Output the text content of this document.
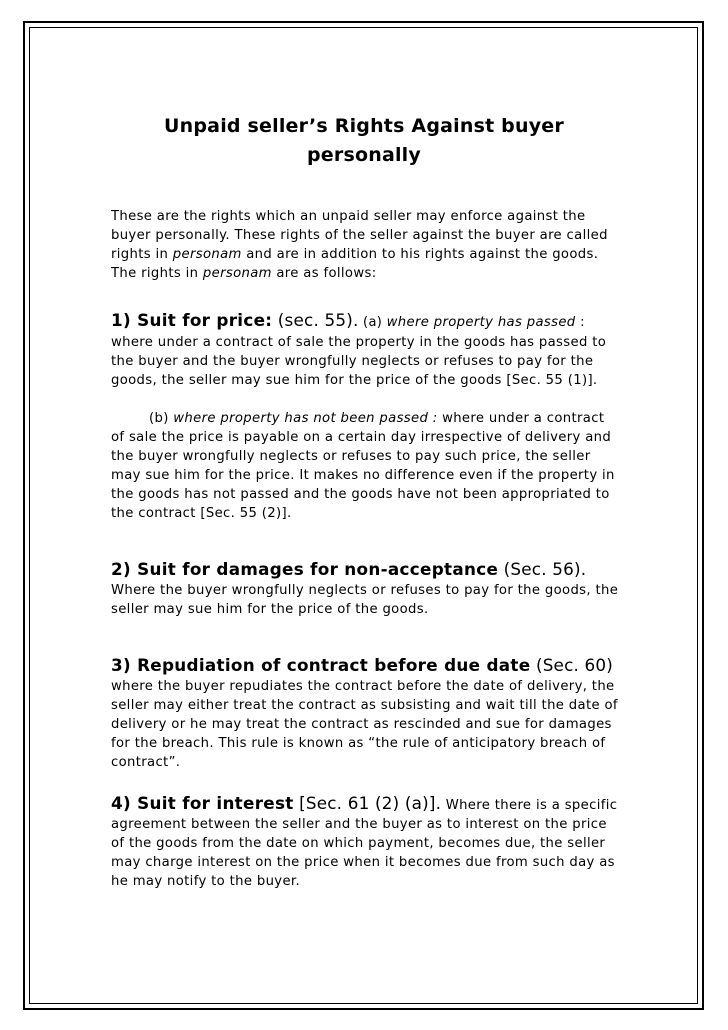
Unpaid seller’s Rights Against buyer personally

These are the rights which an unpaid seller may enforce against the buyer personally. These rights of the seller against the buyer are called rights in personam and are in addition to his rights against the goods. The rights in personam are as follows:

1) Suit for price: (sec. 55). (a) where property has passed : where under a contract of sale the property in the goods has passed to the buyer and the buyer wrongfully neglects or refuses to pay for the goods, the seller may sue him for the price of the goods [Sec. 55 (1)].

(b) where property has not been passed : where under a contract of sale the price is payable on a certain day irrespective of delivery and the buyer wrongfully neglects or refuses to pay such price, the seller may sue him for the price. It makes no difference even if the property in the goods has not passed and the goods have not been appropriated to the contract [Sec. 55 (2)].

2) Suit for damages for non-acceptance (Sec. 56).
Where the buyer wrongfully neglects or refuses to pay for the goods, the seller may sue him for the price of the goods.

3) Repudiation of contract before due date (Sec. 60)
where the buyer repudiates the contract before the date of delivery, the seller may either treat the contract as subsisting and wait till the date of delivery or he may treat the contract as rescinded and sue for damages for the breach. This rule is known as “the rule of anticipatory breach of contract”.

4) Suit for interest [Sec. 61 (2) (a)]. Where there is a specific agreement between the seller and the buyer as to interest on the price of the goods from the date on which payment, becomes due, the seller may charge interest on the price when it becomes due from such day as he may notify to the buyer.
